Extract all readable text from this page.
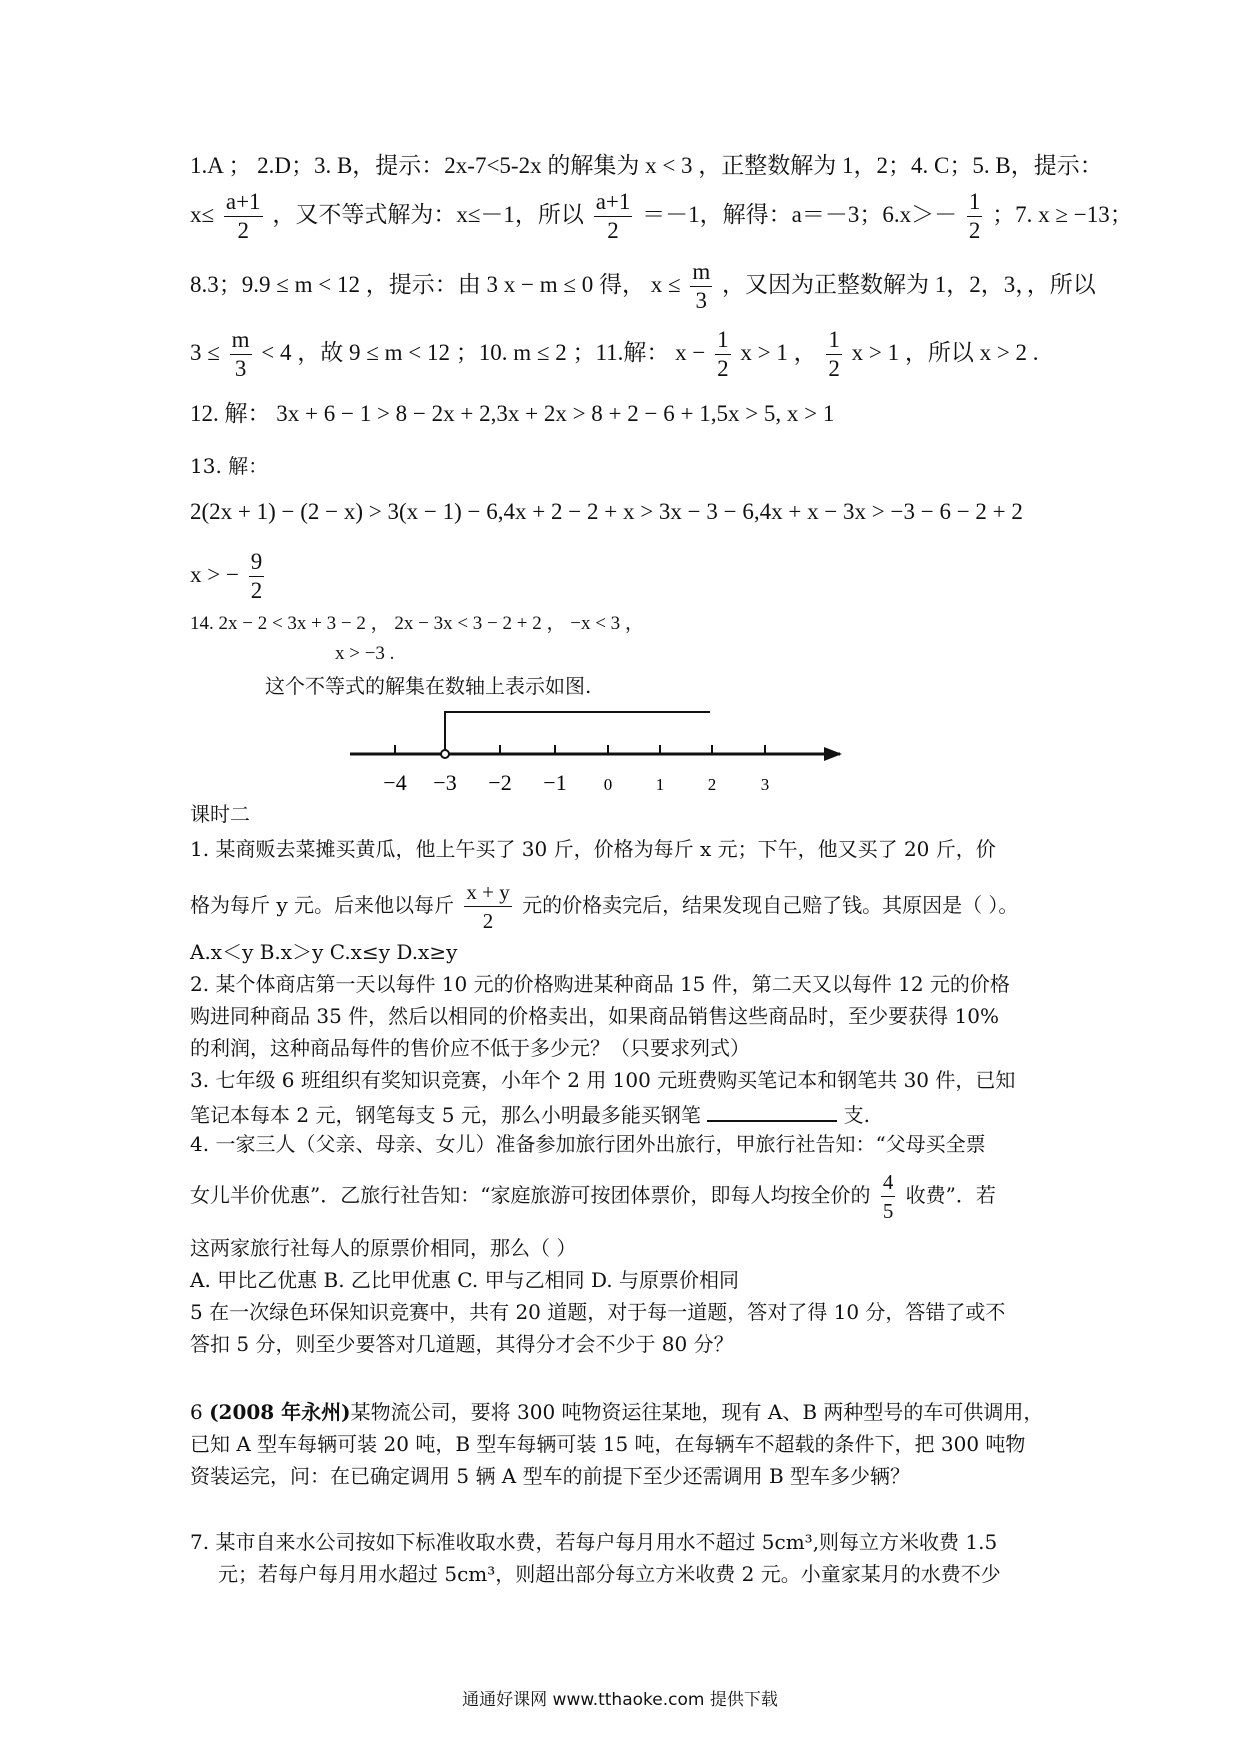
1.A ； 2.D；3. B，提示：2x-7<5-2x 的解集为 x < 3 ，正整数解为 1，2；4. C；5. B，提示：
$x\le \frac{a+1}{2}$ ，又不等式解为：x≤－1，所以 $\frac{a+1}{2} =-1$，解得：a＝－3；$6.x>- \frac{1}{2}$ ；7. x ≥ −13；
8.3；9.9 ≤ m < 12 ，提示：由 3 x − m ≤ 0 得， $x \le \frac{m}{3}$ ，又因为正整数解为 1，2，3，，所以
$3 \le \frac{m}{3} < 4$ ，故 9 ≤ m < 12 ；10. m ≤ 2 ；11.解： $x - \frac{1}{2}$ x > 1 ， $\frac{1}{2}$ x > 1 ，所以 x > 2 .
12. 解： 3x + 6 − 1 > 8 − 2x + 2,3x + 2x > 8 + 2 − 6 + 1,5x > 5, x > 1
13. 解：
2(2x + 1) − (2 − x) > 3(x − 1) − 6,4x + 2 − 2 + x > 3x − 3 − 6,4x + x − 3x > −3 − 6 − 2 + 2
x > − $\frac{9}{2}$
14. 2x − 2 < 3x + 3 − 2 ， 2x − 3x < 3 − 2 + 2 ， −x < 3 ，
x > −3 .
这个不等式的解集在数轴上表示如图.
−4 −3 −2 −1 0	1	2	3
课时二
1. 某商贩去菜摊买黄瓜，他上午买了 30 斤，价格为每斤 x 元；下午，他又买了 20 斤，价
格为每斤 y 元。后来他以每斤 $\frac{x + y}{2}$ 元的价格卖完后，结果发现自己赔了钱。其原因是（ ）。
A.x＜y B.x＞y C.x≤y D.x≥y
2. 某个体商店第一天以每件 10 元的价格购进某种商品 15 件，第二天又以每件 12 元的价格
购进同种商品 35 件，然后以相同的价格卖出，如果商品销售这些商品时，至少要获得 10%
的利润，这种商品每件的售价应不低于多少元？（只要求列式）
3. 七年级 6 班组织有奖知识竞赛，小年个 2 用 100 元班费购买笔记本和钢笔共 30 件，已知
笔记本每本 2 元，钢笔每支 5 元，那么小明最多能买钢笔	支.
4. 一家三人（父亲、母亲、女儿）准备参加旅行团外出旅行，甲旅行社告知：“父母买全票
女儿半价优惠”．乙旅行社告知：“家庭旅游可按团体票价，即每人均按全价的 $\frac{4}{5}$ 收费”．若
这两家旅行社每人的原票价相同，那么（ ）
A. 甲比乙优惠 B. 乙比甲优惠 C. 甲与乙相同 D. 与原票价相同
5 在一次绿色环保知识竞赛中，共有 20 道题，对于每一道题，答对了得 10 分，答错了或不
答扣 5 分，则至少要答对几道题，其得分才会不少于 80 分？
6 (2008 年永州)某物流公司，要将 300 吨物资运往某地，现有 A、B 两种型号的车可供调用，
已知 A 型车每辆可装 20 吨，B 型车每辆可装 15 吨，在每辆车不超载的条件下，把 300 吨物
资装运完，问：在已确定调用 5 辆 A 型车的前提下至少还需调用 B 型车多少辆？
7. 某市自来水公司按如下标准收取水费，若每户每月用水不超过 5cm³,则每立方米收费 1.5
元；若每户每月用水超过 5cm³，则超出部分每立方米收费 2 元。小童家某月的水费不少
通通好课网 www.tthaoke.com 提供下载
